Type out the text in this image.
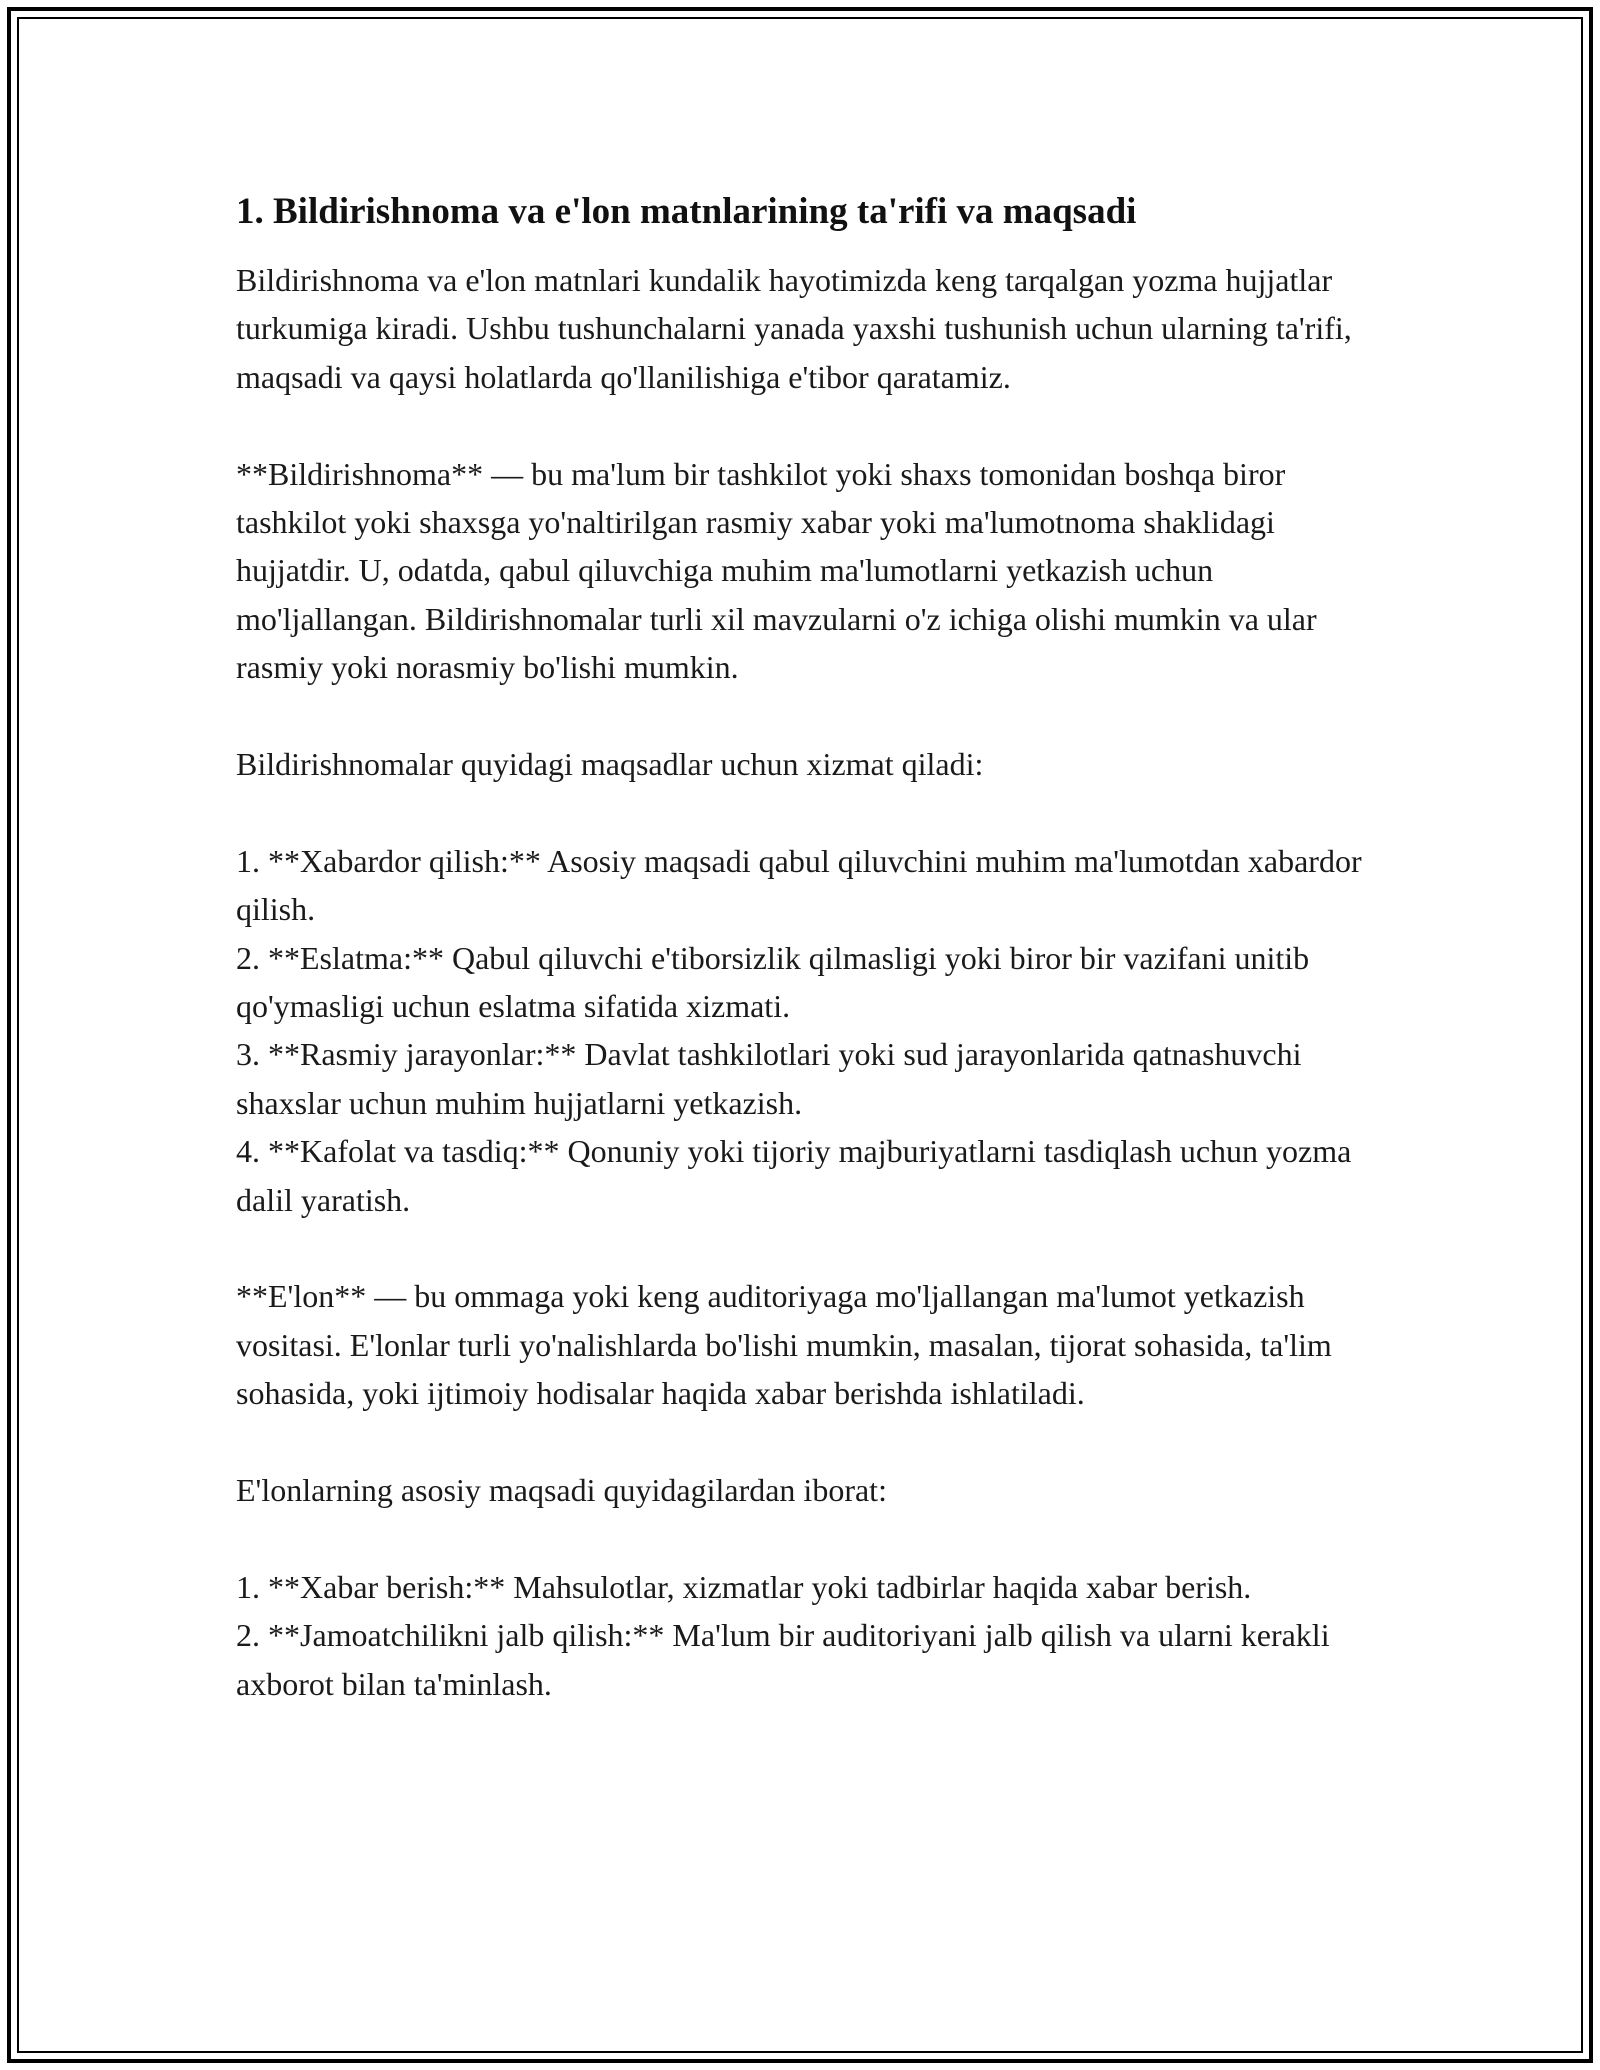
1. Bildirishnoma va e'lon matnlarining ta'rifi va maqsadi

Bildirishnoma va e'lon matnlari kundalik hayotimizda keng tarqalgan yozma hujjatlar turkumiga kiradi. Ushbu tushunchalarni yanada yaxshi tushunish uchun ularning ta'rifi, maqsadi va qaysi holatlarda qo'llanilishiga e'tibor qaratamiz.

**Bildirishnoma** — bu ma'lum bir tashkilot yoki shaxs tomonidan boshqa biror tashkilot yoki shaxsga yo'naltirilgan rasmiy xabar yoki ma'lumotnoma shaklidagi hujjatdir. U, odatda, qabul qiluvchiga muhim ma'lumotlarni yetkazish uchun mo'ljallangan. Bildirishnomalar turli xil mavzularni o'z ichiga olishi mumkin va ular rasmiy yoki norasmiy bo'lishi mumkin.

Bildirishnomalar quyidagi maqsadlar uchun xizmat qiladi:

1. **Xabardor qilish:** Asosiy maqsadi qabul qiluvchini muhim ma'lumotdan xabardor qilish.

2. **Eslatma:** Qabul qiluvchi e'tiborsizlik qilmasligi yoki biror bir vazifani unitib qo'ymasligi uchun eslatma sifatida xizmati.

3. **Rasmiy jarayonlar:** Davlat tashkilotlari yoki sud jarayonlarida qatnashuvchi shaxslar uchun muhim hujjatlarni yetkazish.

4. **Kafolat va tasdiq:** Qonuniy yoki tijoriy majburiyatlarni tasdiqlash uchun yozma dalil yaratish.

**E'lon** — bu ommaga yoki keng auditoriyaga mo'ljallangan ma'lumot yetkazish vositasi. E'lonlar turli yo'nalishlarda bo'lishi mumkin, masalan, tijorat sohasida, ta'lim sohasida, yoki ijtimoiy hodisalar haqida xabar berishda ishlatiladi.

E'lonlarning asosiy maqsadi quyidagilardan iborat:

1. **Xabar berish:** Mahsulotlar, xizmatlar yoki tadbirlar haqida xabar berish.

2. **Jamoatchilikni jalb qilish:** Ma'lum bir auditoriyani jalb qilish va ularni kerakli axborot bilan ta'minlash.
